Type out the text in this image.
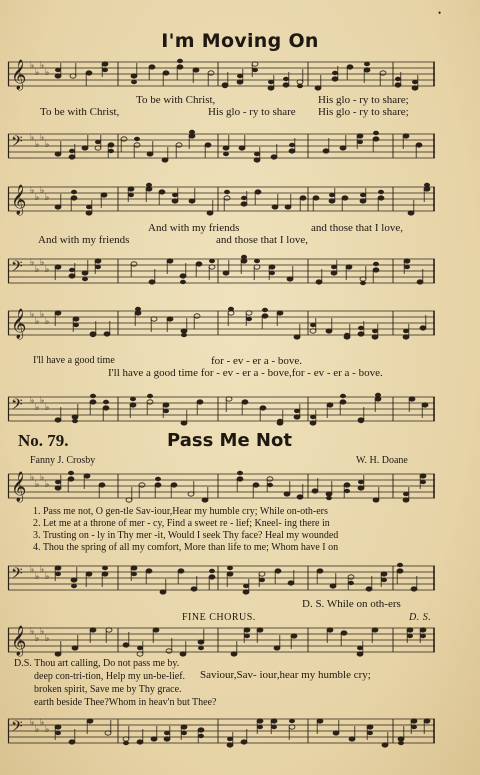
•
I'm Moving On
𝄞 ♭
♭
♭
♭
To be with Christ,	His glo - ry to share;
To be with Christ,	His glo - ry to share His glo - ry to share;
𝄢 ♭
♭
♭
♭
𝄞 ♭
♭
♭
♭
And with my friends	and those that I love,
And with my friends	and those that I love,
𝄢 ♭
♭
♭
♭
𝄞 ♭
♭
♭
♭
I'll have a good time	for - ev - er a - bove.
I'll have a good time for - ev - er a - bove,for - ev - er a - bove.
𝄢 ♭
♭
♭
♭
No. 79.	Pass Me Not
Fanny J. Crosby	W. H. Doane
𝄞 ♭
♭
♭
♭
1. Pass me not, O gen-tle Sav-iour,Hear my humble cry; While on-oth-ers
2. Let me at a throne of mer - cy, Find a sweet re - lief; Kneel- ing there in
3. Trusting on - ly in Thy mer -it, Would I seek Thy face? Heal my wounded
4. Thou the spring of all my comfort, More than life to me; Whom have I on
𝄢 ♭
♭
♭
♭
D. S. While on oth-ers
FINE CHORUS.	D. S.
𝄞 ♭
♭
♭
♭
D.S. Thou art calling, Do not pass me by.
Saviour,Sav- iour,hear my humble cry;
deep con-tri-tion, Help my un-be-lief.
broken spirit, Save me by Thy grace.
earth beside Thee?Whom in heav'n but Thee?
𝄢 ♭
♭
♭
♭
